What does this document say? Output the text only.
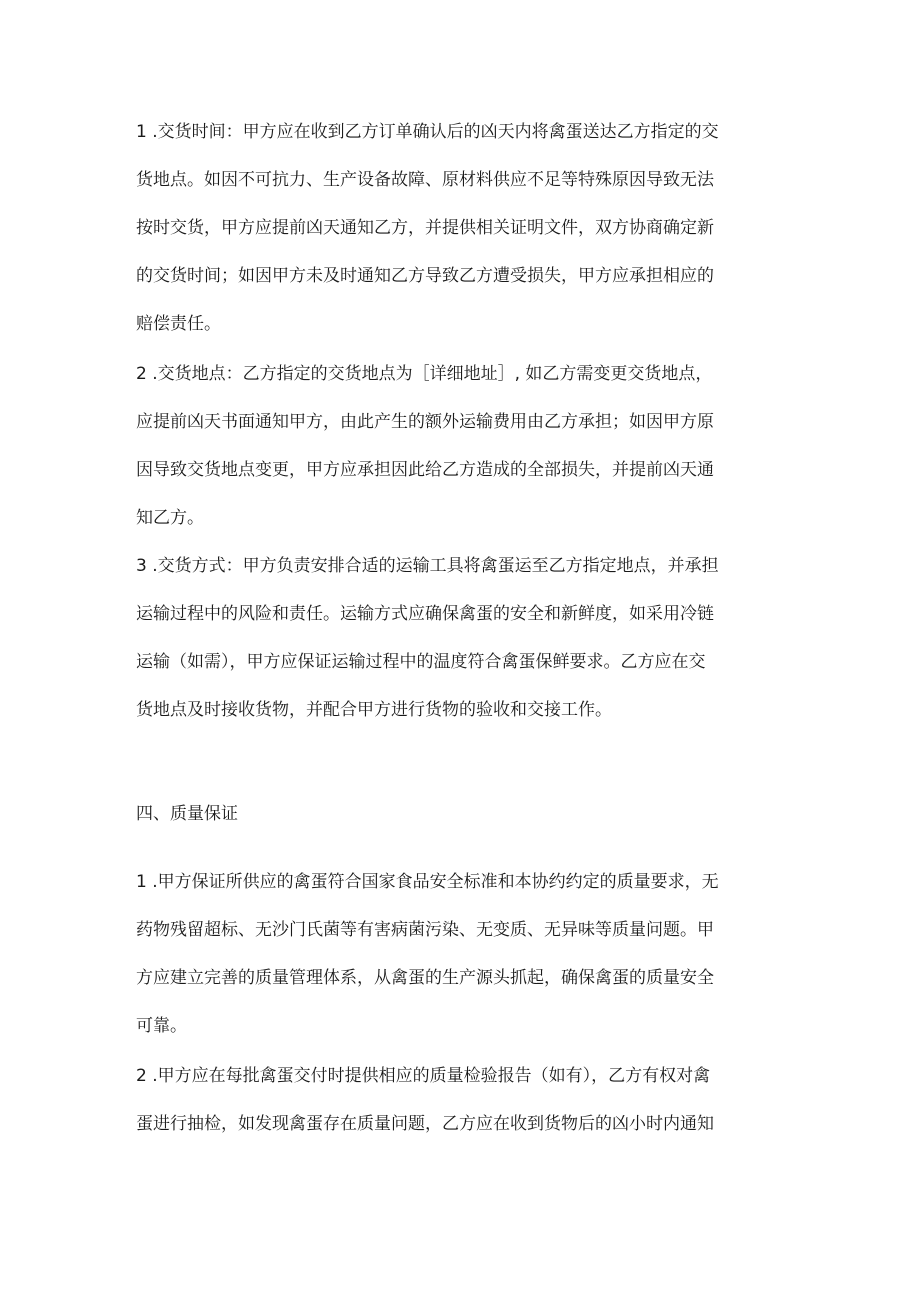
1 .交货时间：甲方应在收到乙方订单确认后的凶天内将禽蛋送达乙方指定的交
货地点。如因不可抗力、生产设备故障、原材料供应不足等特殊原因导致无法
按时交货，甲方应提前凶天通知乙方，并提供相关证明文件，双方协商确定新
的交货时间；如因甲方未及时通知乙方导致乙方遭受损失，甲方应承担相应的
赔偿责任。
2 .交货地点：乙方指定的交货地点为［详细地址］, 如乙方需变更交货地点，
应提前凶天书面通知甲方，由此产生的额外运输费用由乙方承担；如因甲方原
因导致交货地点变更，甲方应承担因此给乙方造成的全部损失，并提前凶天通
知乙方。
3 .交货方式：甲方负责安排合适的运输工具将禽蛋运至乙方指定地点，并承担
运输过程中的风险和责任。运输方式应确保禽蛋的安全和新鲜度，如采用冷链
运输（如需），甲方应保证运输过程中的温度符合禽蛋保鲜要求。乙方应在交
货地点及时接收货物，并配合甲方进行货物的验收和交接工作。
四、质量保证
1 .甲方保证所供应的禽蛋符合国家食品安全标准和本协约约定的质量要求，无
药物残留超标、无沙门氏菌等有害病菌污染、无变质、无异味等质量问题。甲
方应建立完善的质量管理体系，从禽蛋的生产源头抓起，确保禽蛋的质量安全
可靠。
2 .甲方应在每批禽蛋交付时提供相应的质量检验报告（如有），乙方有权对禽
蛋进行抽检，如发现禽蛋存在质量问题，乙方应在收到货物后的凶小时内通知
